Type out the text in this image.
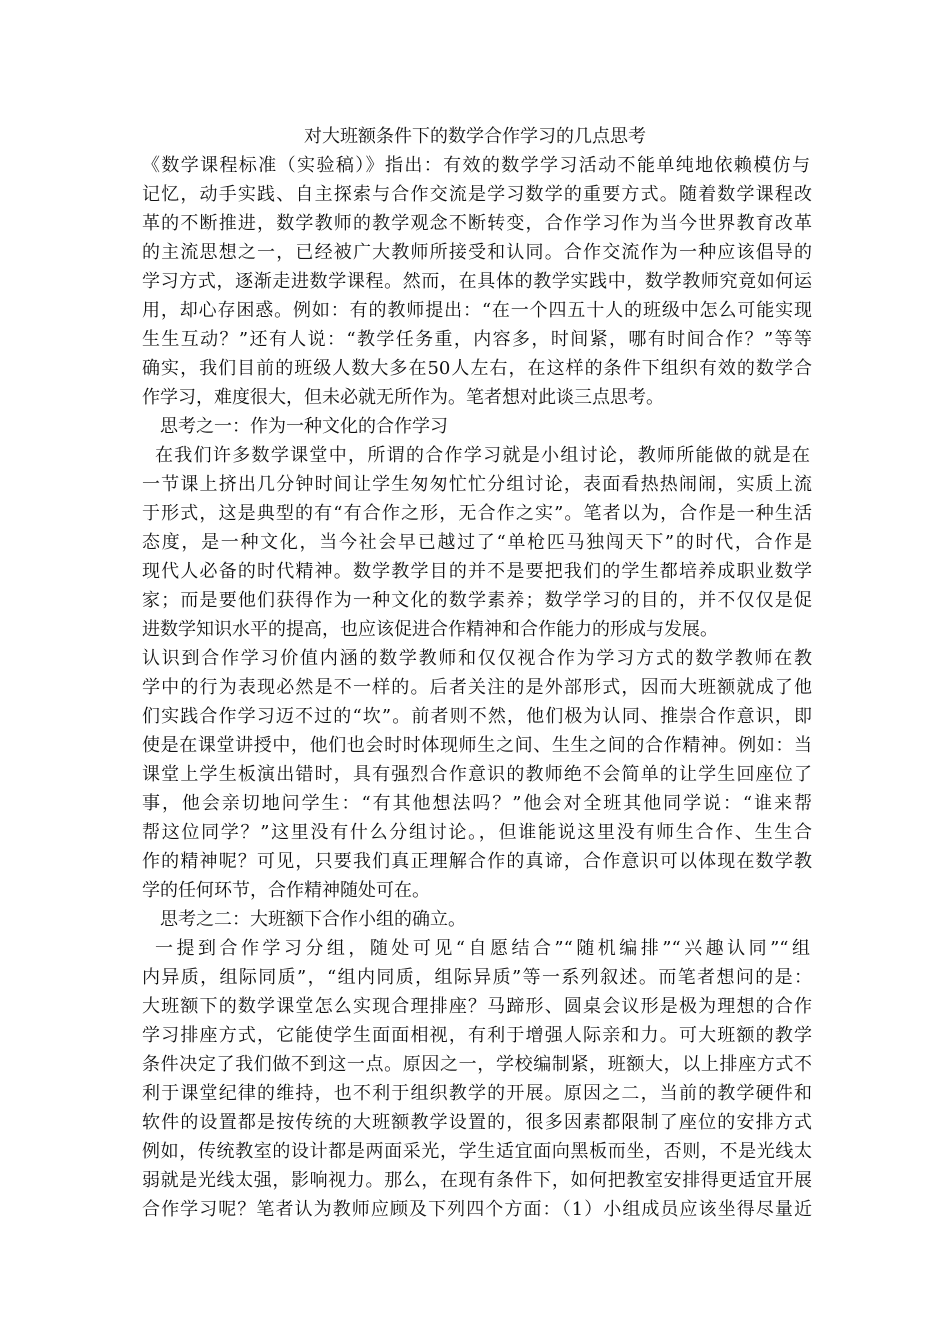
对大班额条件下的数学合作学习的几点思考
《数学课程标准（实验稿）》指出：有效的数学学习活动不能单纯地依赖模仿与
记忆，动手实践、自主探索与合作交流是学习数学的重要方式。随着数学课程改
革的不断推进，数学教师的教学观念不断转变，合作学习作为当今世界教育改革
的主流思想之一，已经被广大教师所接受和认同。合作交流作为一种应该倡导的
学习方式，逐渐走进数学课程。然而，在具体的教学实践中，数学教师究竟如何运
用，却心存困惑。例如：有的教师提出：“在一个四五十人的班级中怎么可能实现
生生互动？”还有人说：“教学任务重，内容多，时间紧，哪有时间合作？”等等
确实，我们目前的班级人数大多在50人左右，在这样的条件下组织有效的数学合
作学习，难度很大，但未必就无所作为。笔者想对此谈三点思考。
思考之一：作为一种文化的合作学习
在我们许多数学课堂中，所谓的合作学习就是小组讨论，教师所能做的就是在
一节课上挤出几分钟时间让学生匆匆忙忙分组讨论，表面看热热闹闹，实质上流
于形式，这是典型的有“有合作之形，无合作之实”。笔者以为，合作是一种生活
态度，是一种文化，当今社会早已越过了“单枪匹马独闯天下”的时代，合作是
现代人必备的时代精神。数学教学目的并不是要把我们的学生都培养成职业数学
家；而是要他们获得作为一种文化的数学素养；数学学习的目的，并不仅仅是促
进数学知识水平的提高，也应该促进合作精神和合作能力的形成与发展。
认识到合作学习价值内涵的数学教师和仅仅视合作为学习方式的数学教师在教
学中的行为表现必然是不一样的。后者关注的是外部形式，因而大班额就成了他
们实践合作学习迈不过的“坎”。前者则不然，他们极为认同、推崇合作意识，即
使是在课堂讲授中，他们也会时时体现师生之间、生生之间的合作精神。例如：当
课堂上学生板演出错时，具有强烈合作意识的教师绝不会简单的让学生回座位了
事，他会亲切地问学生：“有其他想法吗？”他会对全班其他同学说：“谁来帮
帮这位同学？”这里没有什么分组讨论。，但谁能说这里没有师生合作、生生合
作的精神呢？可见，只要我们真正理解合作的真谛，合作意识可以体现在数学教
学的任何环节，合作精神随处可在。
思考之二：大班额下合作小组的确立。
一提到合作学习分组，随处可见“自愿结合”“随机编排”“兴趣认同”“组
内异质，组际同质”，“组内同质，组际异质”等一系列叙述。而笔者想问的是：
大班额下的数学课堂怎么实现合理排座？马蹄形、圆桌会议形是极为理想的合作
学习排座方式，它能使学生面面相视，有利于增强人际亲和力。可大班额的教学
条件决定了我们做不到这一点。原因之一，学校编制紧，班额大，以上排座方式不
利于课堂纪律的维持，也不利于组织教学的开展。原因之二，当前的教学硬件和
软件的设置都是按传统的大班额教学设置的，很多因素都限制了座位的安排方式
例如，传统教室的设计都是两面采光，学生适宜面向黑板而坐，否则，不是光线太
弱就是光线太强，影响视力。那么，在现有条件下，如何把教室安排得更适宜开展
合作学习呢？笔者认为教师应顾及下列四个方面：（1）小组成员应该坐得尽量近
